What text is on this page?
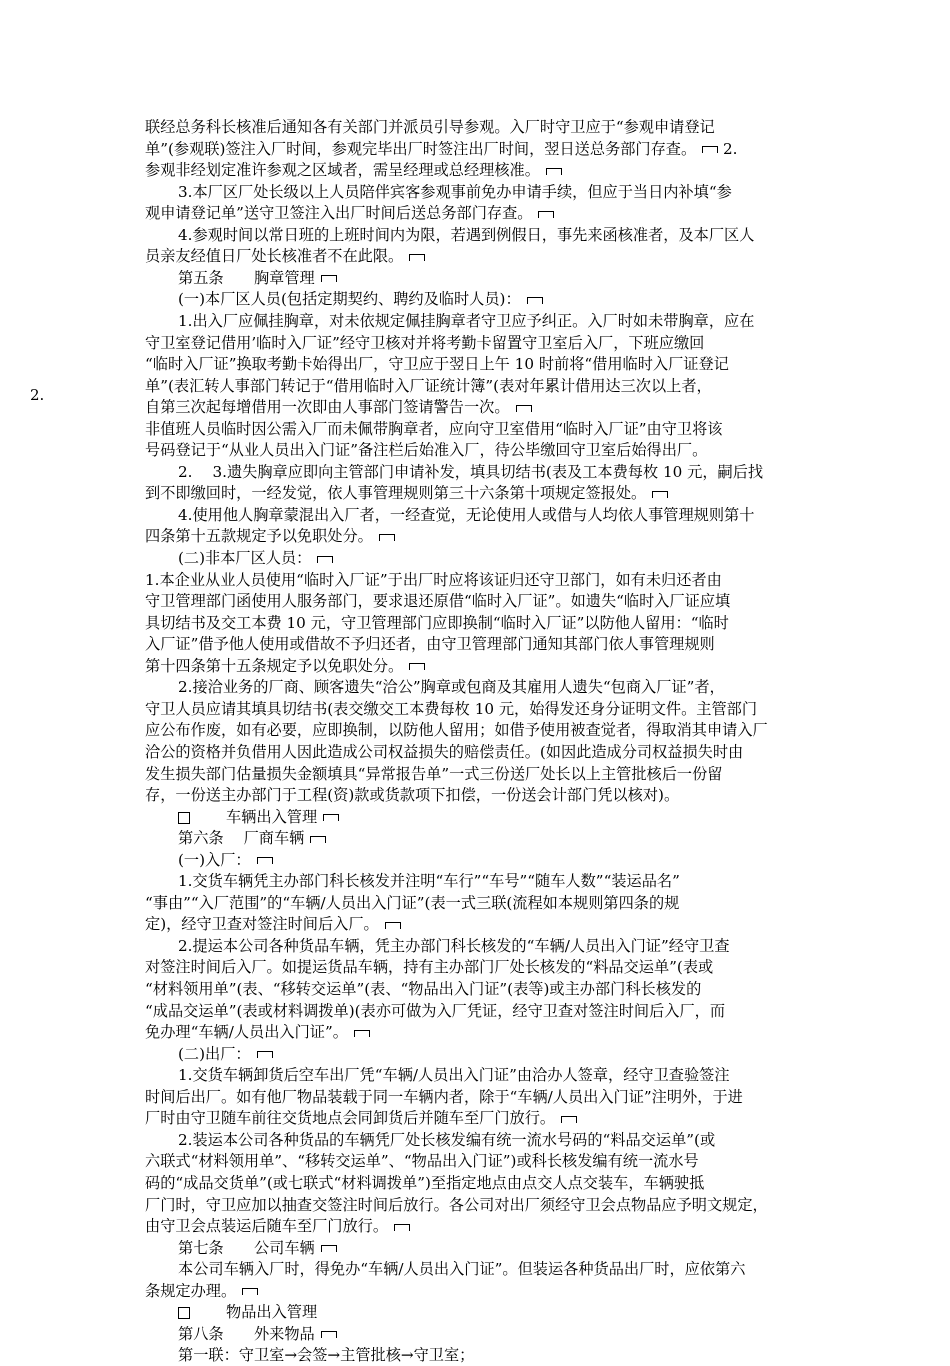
2.
联经总务科长核准后通知各有关部门并派员引导参观。入厂时守卫应于“参观申请登记
单”(参观联)签注入厂时间，参观完毕出厂时签注出厂时间，翌日送总务部门存查。 2.
参观非经划定准许参观之区域者，需呈经理或总经理核准。
3.本厂区厂处长级以上人员陪伴宾客参观事前免办申请手续，但应于当日内补填“参
观申请登记单”送守卫签注入出厂时间后送总务部门存查。
4.参观时间以常日班的上班时间内为限，若遇到例假日，事先来函核准者，及本厂区人
员亲友经值日厂处长核准者不在此限。
第五条　　胸章管理
(一)本厂区人员(包括定期契约、聘约及临时人员)：
1.出入厂应佩挂胸章，对未依规定佩挂胸章者守卫应予纠正。入厂时如未带胸章，应在
守卫室登记借用’临时入厂证”经守卫核对并将考勤卡留置守卫室后入厂，下班应缴回
“临时入厂证”换取考勤卡始得出厂，守卫应于翌日上午 10 时前将“借用临时入厂证登记
单”(表汇转人事部门转记于“借用临时入厂证统计簿”(表对年累计借用达三次以上者，
自第三次起每增借用一次即由人事部门签请警告一次。
非值班人员临时因公需入厂而未佩带胸章者，应向守卫室借用“临时入厂证”由守卫将该
号码登记于“从业人员出入门证”备注栏后始准入厂，待公毕缴回守卫室后始得出厂。
2.　 3.遗失胸章应即向主管部门申请补发，填具切结书(表及工本费每枚 10 元，嗣后找
到不即缴回时，一经发觉，依人事管理规则第三十六条第十项规定签报处。
4.使用他人胸章蒙混出入厂者，一经查觉，无论使用人或借与人均依人事管理规则第十
四条第十五款规定予以免职处分。
(二)非本厂区人员：
1.本企业从业人员使用“临时入厂证”于出厂时应将该证归还守卫部门，如有未归还者由
守卫管理部门函使用人服务部门，要求退还原借“临时入厂证”。如遗失“临时入厂证应填
具切结书及交工本费 10 元，守卫管理部门应即换制“临时入厂证”以防他人留用：“临时
入厂证”借予他人使用或借故不予归还者，由守卫管理部门通知其部门依人事管理规则
第十四条第十五条规定予以免职处分。
2.接洽业务的厂商、顾客遗失“洽公”胸章或包商及其雇用人遗失“包商入厂证”者，
守卫人员应请其填具切结书(表交缴交工本费每枚 10 元，始得发还身分证明文件。主管部门
应公布作废，如有必要，应即换制，以防他人留用；如借予使用被查觉者，得取消其申请入厂
洽公的资格并负借用人因此造成公司权益损失的赔偿责任。(如因此造成分司权益损失时由
发生损失部门估量损失金额填具“异常报告单”一式三份送厂处长以上主管批核后一份留
存，一份送主办部门于工程(资)款或货款项下扣偿，一份送会计部门凭以核对)。
车辆出入管理
第六条　 厂商车辆
(一)入厂：
1.交货车辆凭主办部门科长核发并注明“车行”“车号”“随车人数”“装运品名”
“事由”“入厂范围”的“车辆/人员出入门证”(表一式三联(流程如本规则第四条的规
定)，经守卫查对签注时间后入厂。
2.提运本公司各种货品车辆，凭主办部门科长核发的“车辆/人员出入门证”经守卫查
对签注时间后入厂。如提运货品车辆，持有主办部门厂处长核发的“料品交运单”(表或
“材料领用单”(表、“移转交运单”(表、“物品出入门证”(表等)或主办部门科长核发的
“成品交运单”(表或材料调拨单)(表亦可做为入厂凭证，经守卫查对签注时间后入厂，而
免办理“车辆/人员出入门证”。
(二)出厂：
1.交货车辆卸货后空车出厂凭“车辆/人员出入门证”由洽办人签章，经守卫查验签注
时间后出厂。如有他厂物品装载于同一车辆内者，除于“车辆/人员出入门证”注明外，于进
厂时由守卫随车前往交货地点会同卸货后并随车至厂门放行。
2.装运本公司各种货品的车辆凭厂处长核发编有统一流水号码的“料品交运单”(或
六联式“材料领用单”、“移转交运单”、“物品出入门证”)或科长核发编有统一流水号
码的“成品交货单”(或七联式“材料调拨单”)至指定地点由点交人点交装车，车辆驶抵
厂门时，守卫应加以抽查交签注时间后放行。各公司对出厂须经守卫会点物品应予明文规定，
由守卫会点装运后随车至厂门放行。
第七条　　公司车辆
本公司车辆入厂时，得免办“车辆/人员出入门证”。但装运各种货品出厂时，应依第六
条规定办理。
物品出入管理
第八条　　外来物品
第一联：守卫室→会签→主管批核→守卫室；
